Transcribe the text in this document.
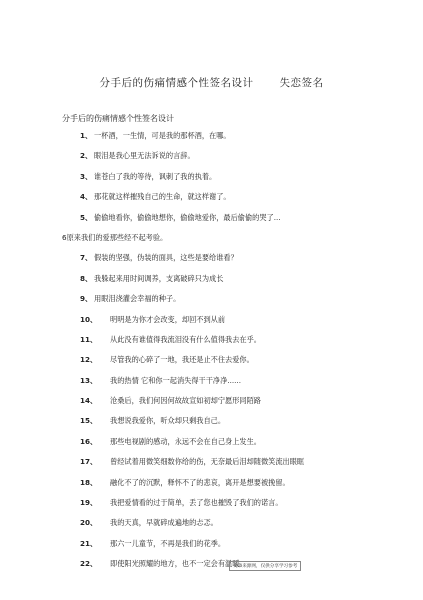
分手后的伤痛情感个性签名设计 失恋签名
分手后的伤痛情感个性签名设计
1、 一杯酒，一生情，可是我的那杯酒，在哪。
2、 眼泪是我心里无法诉说的言辞。
3、 谁苍白了我的等待，讽刺了我的执着。
4、 那花就这样摧残自己的生命，就这样谢了。
5、 偷偷地看你，偷偷地想你，偷偷地爱你，最后偷偷的哭了...
6原来我们的爱那些经不起考验。
7、 假装的坚强，伪装的面具，这些是要给谁看？
8、 我躲起来用时间调养，支离破碎只为成长
9、 用眼泪浇灌会幸福的种子。
10、 明明是为你才会改变，却回不到从前
11、 从此没有谁值得我流泪没有什么值得我去在乎。
12、 尽管我的心碎了一地，我还是止不住去爱你。
13、 我的热情 它和你一起消失得干干净净......
14、 沧桑后，我们何因何故故宣如初却宁愿形同陌路
15、 我想说我爱你，听众却只剩我自己。
16、 那些电视剧的感动，永远不会在自己身上发生。
17、 曾经试着用微笑细数你给的伤，无奈最后泪却随微笑流出眼眶
18、 融化不了的沉默，释怀不了的悲哀，离开是想要被挽留。
19、 我把爱情看的过于简单，丢了您也摧毁了我们的诺言。
20、 我的天真，早就碎成遍地的忐忑。
21、 那六一儿童节，不再是我们的花季。
22、 即使阳光照耀的地方，也不一定会有温暖。
文章来源网，仅供分享学习参考
